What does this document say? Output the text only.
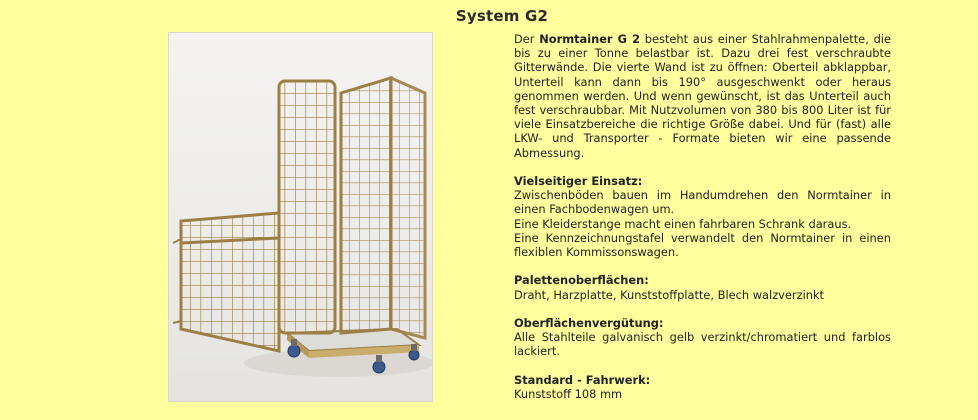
System G2

Der Normtainer G 2 besteht aus einer Stahlrahmenpalette, die bis zu einer Tonne belastbar ist. Dazu drei fest verschraubte Gitterwände. Die vierte Wand ist zu öffnen: Oberteil abklappbar, Unterteil kann dann bis 190° ausgeschwenkt oder heraus genommen werden. Und wenn gewünscht, ist das Unterteil auch fest verschraubbar. Mit Nutzvolumen von 380 bis 800 Liter ist für viele Einsatzbereiche die richtige Größe dabei. Und für (fast) alle LKW- und Transporter - Formate bieten wir eine passende Abmessung.

Vielseitiger Einsatz:
Zwischenböden bauen im Handumdrehen den Normtainer in einen Fachbodenwagen um.
Eine Kleiderstange macht einen fahrbaren Schrank daraus.
Eine Kennzeichnungstafel verwandelt den Normtainer in einen flexiblen Kommissonswagen.
Palettenoberflächen:
Draht, Harzplatte, Kunststoffplatte, Blech walzverzinkt
Oberflächenvergütung:
Alle Stahlteile galvanisch gelb verzinkt/chromatiert und farblos lackiert.
Standard - Fahrwerk:
Kunststoff 108 mm
